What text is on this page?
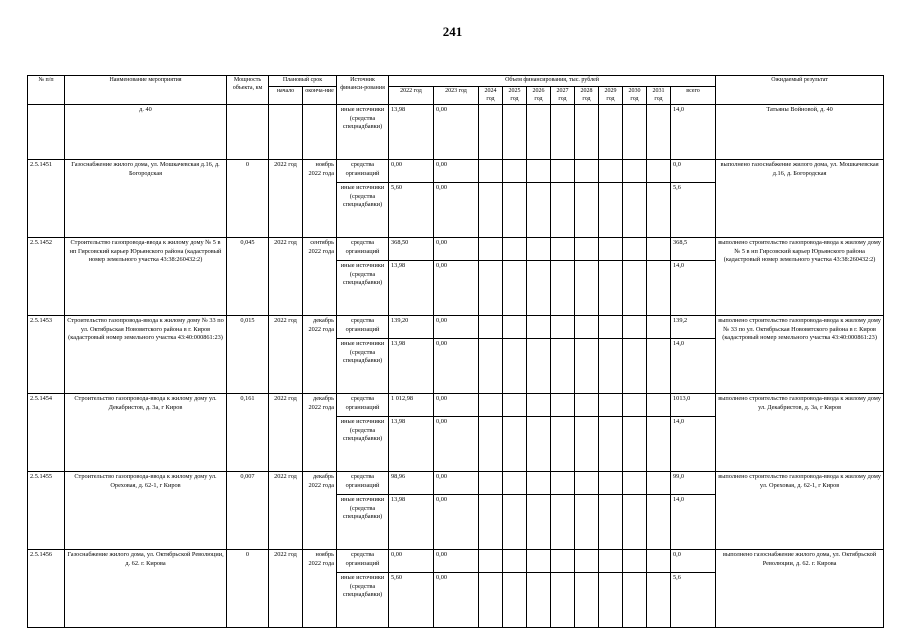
241
№ п/п	Наименование мероприятия	Мощность объекта, км	Плановый срок		Источник финанси-рования	Объем финансирования, тыс. рублей											Ожидаемый результат
			начало	оконча-ние		2022 год	2023 год	2024 год	2025 год	2026 год	2027 год	2028 год	2029 год	2030 год	2031 год	всего	
	д. 40				иные источники (средства спецнадбавки)	13,98	0,00									14,0	Татьяны Войновой, д. 40
2.5.1451	Газоснабжение жилого дома, ул. Мошкачевская д.16, д. Богородская	0	2022 год	ноябрь 2022 года	средства организаций	0,00	0,00									0,0	выполнено газоснабжение жилого дома, ул. Мошкачевская д.16, д. Богородская
					иные источники (средства спецнадбавки)	5,60	0,00									5,6	
2.5.1452	Строительство газопровода-ввода к жилому дому № 5 в нп Гирсовский карьер Юрьянского района (кадастровый номер земельного участка 43:38:260432:2)	0,045	2022 год	сентябрь 2022 года	средства организаций	368,50	0,00									368,5	выполнено строительство газопровода-ввода к жилому дому № 5 в нп Гирсовский карьер Юрьянского района (кадастровый номер земельного участка 43:38:260432:2)
					иные источники (средства спецнадбавки)	13,98	0,00									14,0	
2.5.1453	Строительство газопровода-ввода к жилому дому № 33 по ул. Октябрьская Нововятского района в г. Киров (кадастровый номер земельного участка 43:40:000861:23)	0,015	2022 год	декабрь 2022 года	средства организаций	139,20	0,00									139,2	выполнено строительство газопровода-ввода к жилому дому № 33 по ул. Октябрьская Нововятского района в г. Киров (кадастровый номер земельного участка 43:40:000861:23)
					иные источники (средства спецнадбавки)	13,98	0,00									14,0	
2.5.1454	Строительство газопровода-ввода к жилому дому ул. Декабристов, д. 3а, г Киров	0,161	2022 год	декабрь 2022 года	средства организаций	1 012,98	0,00									1013,0	выполнено строительство газопровода-ввода к жилому дому ул. Декабристов, д. 3а, г Киров
					иные источники (средства спецнадбавки)	13,98	0,00									14,0	
2.5.1455	Строительство газопровода-ввода к жилому дому ул. Ореховая, д. 62-1, г Киров	0,007	2022 год	декабрь 2022 года	средства организаций	98,96	0,00									99,0	выполнено строительство газопровода-ввода к жилому дому ул. Ореховая, д. 62-1, г Киров
					иные источники (средства спецнадбавки)	13,98	0,00									14,0	
2.5.1456	Газоснабжение жилого дома, ул. Октябрьской Революции, д. 62. г. Кирова	0	2022 год	ноябрь 2022 года	средства организаций	0,00	0,00									0,0	выполнено газоснабжение жилого дома, ул. Октябрьской Революции, д. 62. г. Кирова
					иные источники (средства спецнадбавки)	5,60	0,00									5,6	
